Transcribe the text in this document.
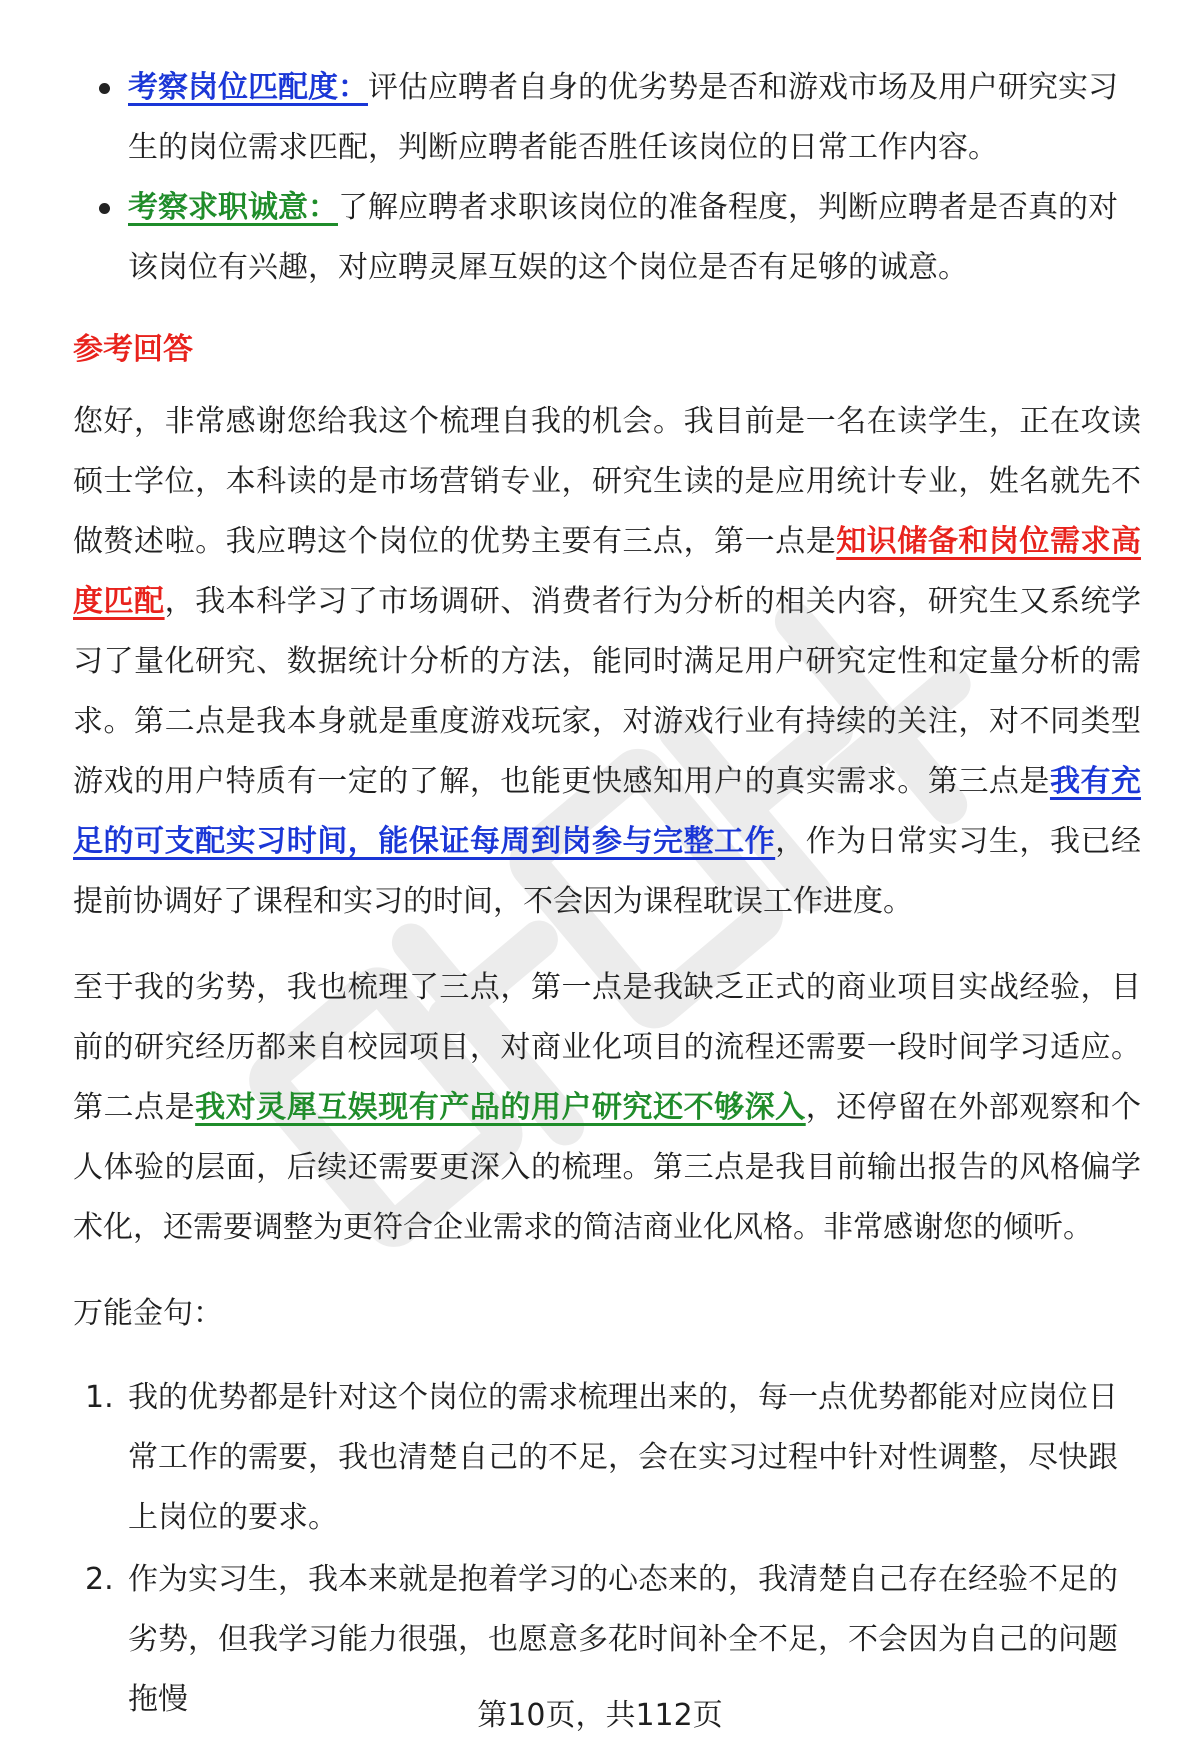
考察岗位匹配度：评估应聘者自身的优劣势是否和游戏市场及用户研究实习生的岗位需求匹配，判断应聘者能否胜任该岗位的日常工作内容。
考察求职诚意：了解应聘者求职该岗位的准备程度，判断应聘者是否真的对该岗位有兴趣，对应聘灵犀互娱的这个岗位是否有足够的诚意。
参考回答

您好，非常感谢您给我这个梳理自我的机会。我目前是一名在读学生，正在攻读硕士学位，本科读的是市场营销专业，研究生读的是应用统计专业，姓名就先不做赘述啦。我应聘这个岗位的优势主要有三点，第一点是知识储备和岗位需求高度匹配，我本科学习了市场调研、消费者行为分析的相关内容，研究生又系统学习了量化研究、数据统计分析的方法，能同时满足用户研究定性和定量分析的需求。第二点是我本身就是重度游戏玩家，对游戏行业有持续的关注，对不同类型游戏的用户特质有一定的了解，也能更快感知用户的真实需求。第三点是我有充足的可支配实习时间，能保证每周到岗参与完整工作，作为日常实习生，我已经提前协调好了课程和实习的时间，不会因为课程耽误工作进度。

至于我的劣势，我也梳理了三点，第一点是我缺乏正式的商业项目实战经验，目前的研究经历都来自校园项目，对商业化项目的流程还需要一段时间学习适应。第二点是我对灵犀互娱现有产品的用户研究还不够深入，还停留在外部观察和个人体验的层面，后续还需要更深入的梳理。第三点是我目前输出报告的风格偏学术化，还需要调整为更符合企业需求的简洁商业化风格。非常感谢您的倾听。

万能金句：

1. 我的优势都是针对这个岗位的需求梳理出来的，每一点优势都能对应岗位日常工作的需要，我也清楚自己的不足，会在实习过程中针对性调整，尽快跟上岗位的要求。
2. 作为实习生，我本来就是抱着学习的心态来的，我清楚自己存在经验不足的劣势，但我学习能力很强，也愿意多花时间补全不足，不会因为自己的问题拖慢	第10页，共112页
